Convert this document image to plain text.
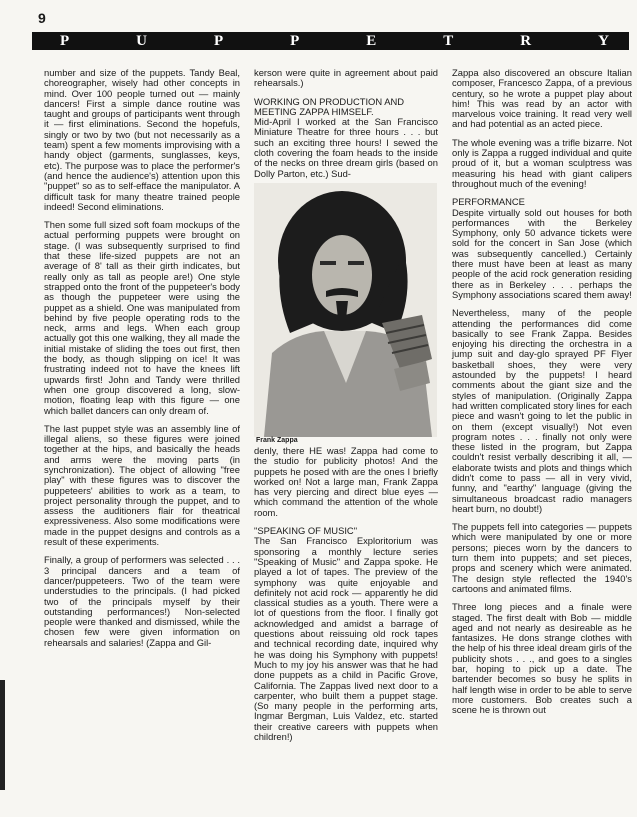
9
P	U	P	P	E	T	R	Y

number and size of the puppets. Tandy Beal, choreographer, wisely had other concepts in mind. Over 100 people turned out — mainly dancers! First a simple dance routine was taught and groups of participants went through it — first eliminations. Second the hopefuls, singly or two by two (but not necessarily as a team) spent a few moments improvising with a handy object (garments, sunglasses, keys, etc). The purpose was to place the performer's (and hence the audience's) attention upon this "puppet" so as to self-efface the manipulator. A difficult task for many theatre trained people indeed! Second eliminations.

Then some full sized soft foam mockups of the actual performing puppets were brought on stage. (I was subsequently surprised to find that these life-sized puppets are not an average of 8' tall as their girth indicates, but really only as tall as people are!) One style strapped onto the front of the puppeteer's body as though the puppeteer were using the puppet as a shield. One was manipulated from behind by five people operating rods to the neck, arms and legs. When each group actually got this one walking, they all made the initial mistake of sliding the toes out first, then the body, as though slipping on ice! It was frustrating indeed not to have the knees lift upwards first! John and Tandy were thrilled when one group discovered a long, slow-motion, floating leap with this figure — one which ballet dancers can only dream of.

The last puppet style was an assembly line of illegal aliens, so these figures were joined together at the hips, and basically the heads and arms were the moving parts (in synchronization). The object of allowing "free play" with these figures was to discover the puppeteers' abilities to work as a team, to project personality through the puppet, and to assess the auditioners flair for theatrical expressiveness. Also some modifications were made in the puppet designs and controls as a result of these experiments.

Finally, a group of performers was selected . . . 3 principal dancers and a team of dancer/puppeteers. Two of the team were understudies to the principals. (I had picked two of the principals myself by their outstanding performances!) Non-selected people were thanked and dismissed, while the chosen few were given information on rehearsals and salaries! (Zappa and Gil-

kerson were quite in agreement about paid rehearsals.)

WORKING ON PRODUCTION AND
MEETING ZAPPA HIMSELF.

Mid-April I worked at the San Francisco Miniature Theatre for three hours . . . but such an exciting three hours! I sewed the cloth covering the foam heads to the inside of the necks on three dream girls (based on Dolly Parton, etc.) Sud-

Frank Zappa

denly, there HE was! Zappa had come to the studio for publicity photos! And the puppets he posed with are the ones I briefly worked on! Not a large man, Frank Zappa has very piercing and direct blue eyes — which command the attention of the whole room.

"SPEAKING OF MUSIC"

The San Francisco Exploritorium was sponsoring a monthly lecture series "Speaking of Music" and Zappa spoke. He played a lot of tapes. The preview of the symphony was quite enjoyable and definitely not acid rock — apparently he did classical studies as a youth. There were a lot of questions from the floor. I finally got acknowledged and amidst a barrage of questions about reissuing old rock tapes and technical recording date, inquired why he was doing his Symphony with puppets! Much to my joy his answer was that he had done puppets as a child in Pacific Grove, California. The Zappas lived next door to a carpenter, who built them a puppet stage. (So many people in the performing arts, Ingmar Bergman, Luis Valdez, etc. started their creative careers with puppets when children!)

Zappa also discovered an obscure Italian composer, Francesco Zappa, of a previous century, so he wrote a puppet play about him! This was read by an actor with marvelous voice training. It read very well and had potential as an acted piece.

The whole evening was a trifle bizarre. Not only is Zappa a rugged individual and quite proud of it, but a woman sculptress was measuring his head with giant calipers throughout much of the evening!

PERFORMANCE

Despite virtually sold out houses for both performances with the Berkeley Symphony, only 50 advance tickets were sold for the concert in San Jose (which was subsequently cancelled.) Certainly there must have been at least as many people of the acid rock generation residing there as in Berkeley . . . perhaps the Symphony associations scared them away!

Nevertheless, many of the people attending the performances did come basically to see Frank Zappa. Besides enjoying his directing the orchestra in a jump suit and day-glo sprayed PF Flyer basketball shoes, they were very astounded by the puppets! I heard comments about the giant size and the styles of manipulation. (Originally Zappa had written complicated story lines for each piece and wasn't going to let the public in on them (except visually!) Not even program notes . . . finally not only were these listed in the program, but Zappa couldn't resist verbally describing it all, — elaborate twists and plots and things which didn't come to pass — all in very vivid, funny, and "earthy" language (giving the simultaneous broadcast radio managers heart burn, no doubt!)

The puppets fell into categories — puppets which were manipulated by one or more persons; pieces worn by the dancers to turn them into puppets; and set pieces, props and scenery which were animated. The design style reflected the 1940's cartoons and animated films.

Three long pieces and a finale were staged. The first dealt with Bob — middle aged and not nearly as desireable as he fantasizes. He dons strange clothes with the help of his three ideal dream girls of the publicity shots . . ., and goes to a singles bar, hoping to pick up a date. The bartender becomes so busy he splits in half length wise in order to be able to serve more customers. Bob creates such a scene he is thrown out
